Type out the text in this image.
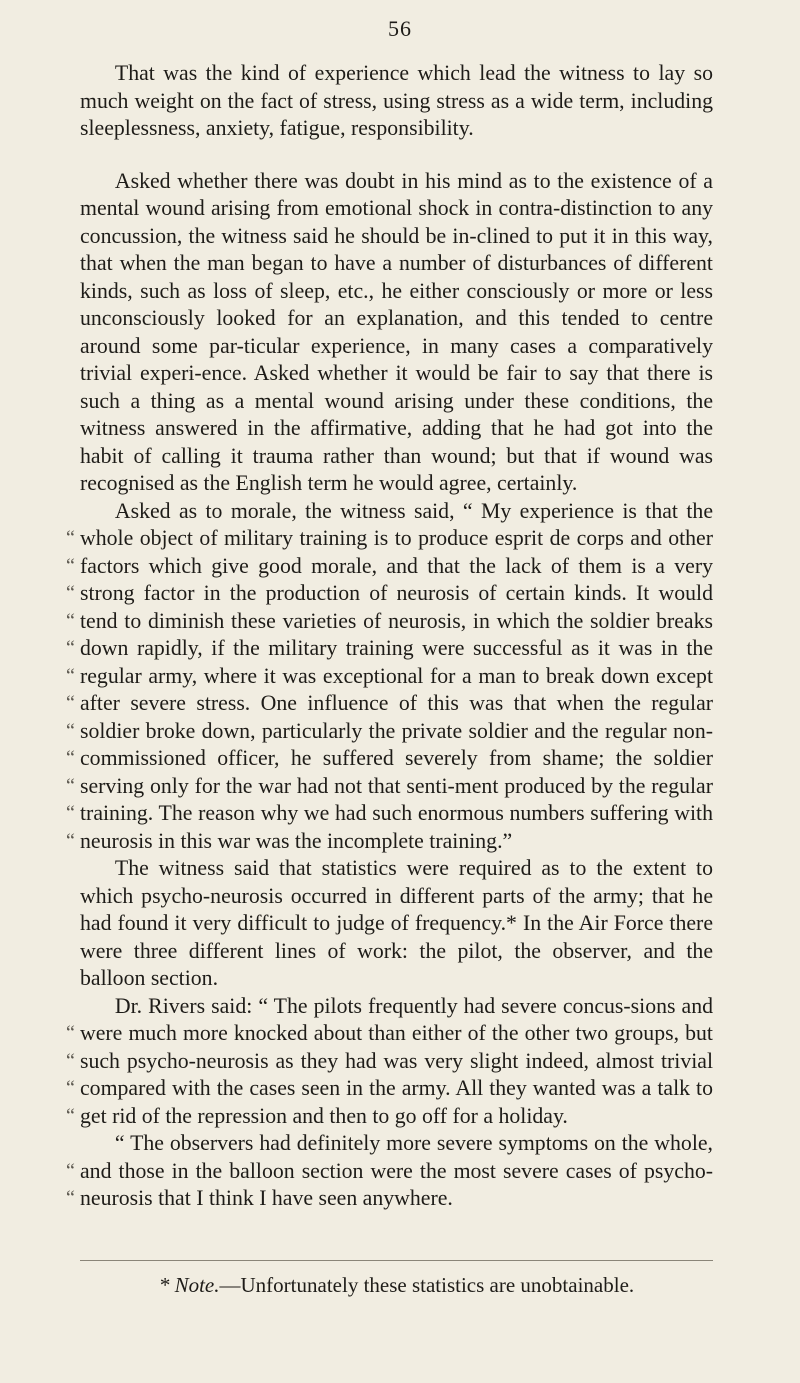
56

That was the kind of experience which lead the witness to lay so much weight on the fact of stress, using stress as a wide term, including sleeplessness, anxiety, fatigue, responsibility.

Asked whether there was doubt in his mind as to the existence of a mental wound arising from emotional shock in contra-distinction to any concussion, the witness said he should be in-clined to put it in this way, that when the man began to have a number of disturbances of different kinds, such as loss of sleep, etc., he either consciously or more or less unconsciously looked for an explanation, and this tended to centre around some par-ticular experience, in many cases a comparatively trivial experi-ence. Asked whether it would be fair to say that there is such a thing as a mental wound arising under these conditions, the witness answered in the affirmative, adding that he had got into the habit of calling it trauma rather than wound; but that if wound was recognised as the English term he would agree, certainly.

“
“
“
“
“
“
“
“
“
“
“
“

Asked as to morale, the witness said, “ My experience is that the whole object of military training is to produce esprit de corps and other factors which give good morale, and that the lack of them is a very strong factor in the production of neurosis of certain kinds. It would tend to diminish these varieties of neurosis, in which the soldier breaks down rapidly, if the military training were successful as it was in the regular army, where it was exceptional for a man to break down except after severe stress. One influence of this was that when the regular soldier broke down, particularly the private soldier and the regular non-commissioned officer, he suffered severely from shame; the soldier serving only for the war had not that senti-ment produced by the regular training. The reason why we had such enormous numbers suffering with neurosis in this war was the incomplete training.”

The witness said that statistics were required as to the extent to which psycho-neurosis occurred in different parts of the army; that he had found it very difficult to judge of frequency.* In the Air Force there were three different lines of work: the pilot, the observer, and the balloon section.

“
“
“
“

Dr. Rivers said: “ The pilots frequently had severe concus-sions and were much more knocked about than either of the other two groups, but such psycho-neurosis as they had was very slight indeed, almost trivial compared with the cases seen in the army. All they wanted was a talk to get rid of the repression and then to go off for a holiday.

“
“

“ The observers had definitely more severe symptoms on the whole, and those in the balloon section were the most severe cases of psycho-neurosis that I think I have seen anywhere.

* Note.—Unfortunately these statistics are unobtainable.
